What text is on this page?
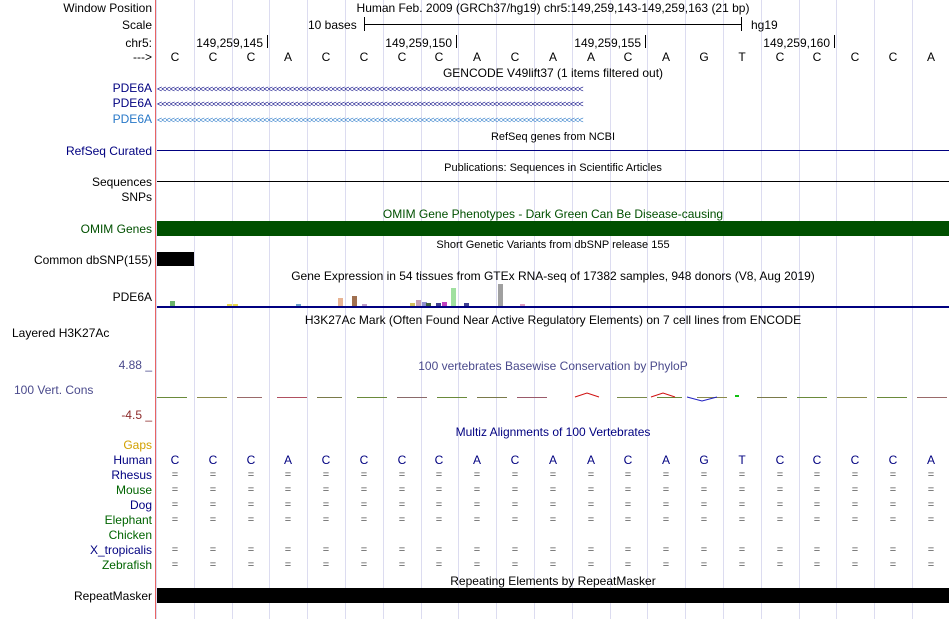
Window Position	Human Feb. 2009 (GRCh37/hg19) chr5:149,259,143-149,259,163 (21 bp)
Scale	10 bases	hg19
chr5:	149,259,145	149,259,150	149,259,155	149,259,160
--->	C	C	C	A	C	C	C	C	A	C	A	A	C	A	G	T	C	C	C	C	A
GENCODE V49lift37 (1 items filtered out)
PDE6A
PDE6A
PDE6A
<<<<<<<<<<<<<<<<<<<<<<<<<<<<<<<<<<<<<<<<<<<<<<<<<<<<<<<<<<<<<<<<<<<<<<<<<<<<<<<<<<<<<<<<<<<<<<<<<<<<
<<<<<<<<<<<<<<<<<<<<<<<<<<<<<<<<<<<<<<<<<<<<<<<<<<<<<<<<<<<<<<<<<<<<<<<<<<<<<<<<<<<<<<<<<<<<<<<<<<<<
<<<<<<<<<<<<<<<<<<<<<<<<<<<<<<<<<<<<<<<<<<<<<<<<<<<<<<<<<<<<<<<<<<<<<<<<<<<<<<<<<<<<<<<<<<<<<<<<<<<<
RefSeq genes from NCBI
RefSeq Curated
Publications: Sequences in Scientific Articles
Sequences
SNPs
OMIM Gene Phenotypes - Dark Green Can Be Disease-causing
OMIM Genes
Short Genetic Variants from dbSNP release 155
Common dbSNP(155)
Gene Expression in 54 tissues from GTEx RNA-seq of 17382 samples, 948 donors (V8, Aug 2019)
PDE6A
H3K27Ac Mark (Often Found Near Active Regulatory Elements) on 7 cell lines from ENCODE
Layered H3K27Ac
100 vertebrates Basewise Conservation by PhyloP
4.88 _
100 Vert. Cons
-4.5 _
Multiz Alignments of 100 Vertebrates
Gaps
Human	C	C	C	A	C	C	C	C	A	C	A	A	C	A	G	T	C	C	C	C	A
Rhesus	=	=	=	=	=	=	=	=	=	=	=	=	=	=	=	=	=	=	=	=	=
Mouse	=	=	=	=	=	=	=	=	=	=	=	=	=	=	=	=	=	=	=	=	=
Dog	=	=	=	=	=	=	=	=	=	=	=	=	=	=	=	=	=	=	=	=	=
Elephant	=	=	=	=	=	=	=	=	=	=	=	=	=	=	=	=	=	=	=	=	=
Chicken
X_tropicalis	=	=	=	=	=	=	=	=	=	=	=	=	=	=	=	=	=	=	=	=	=
Zebrafish	=	=	=	=	=	=	=	=	=	=	=	=	=	=	=	=	=	=	=	=	=
Repeating Elements by RepeatMasker
RepeatMasker
